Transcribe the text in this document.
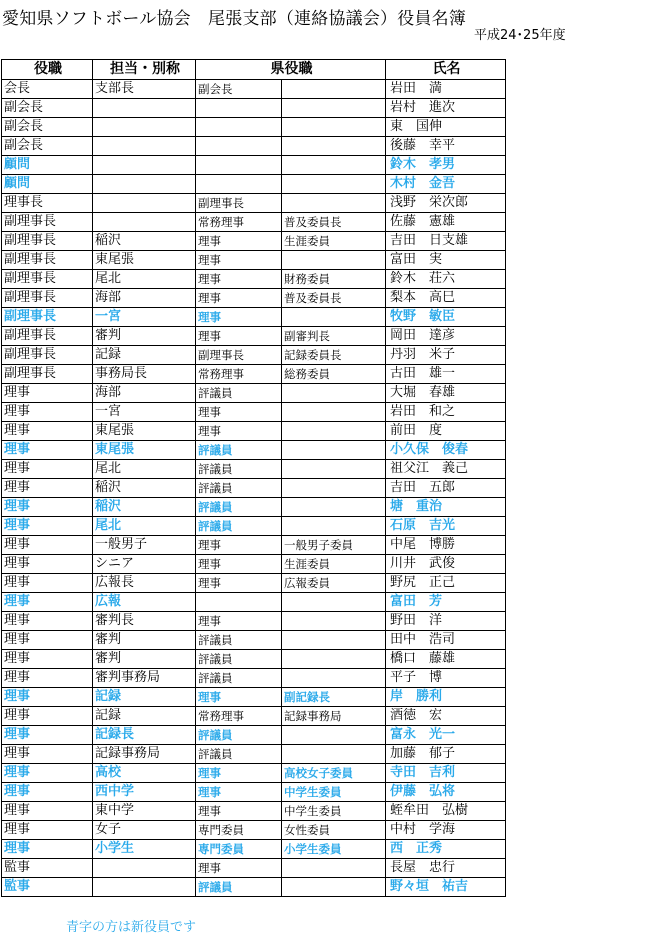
愛知県ソフトボール協会　尾張支部（連絡協議会）役員名簿
平成24･25年度
役職	担当・別称	県役職		氏名
会長	支部長	副会長		岩田　満
副会長				岩村　進次
副会長				東　国伸
副会長				後藤　幸平
顧問				鈴木　孝男
顧問				木村　金吾
理事長		副理事長		浅野　栄次郎
副理事長		常務理事	普及委員長	佐藤　憲雄
副理事長	稲沢	理事	生涯委員	吉田　日支雄
副理事長	東尾張	理事		富田　実
副理事長	尾北	理事	財務委員	鈴木　荘六
副理事長	海部	理事	普及委員長	梨本　高巳
副理事長	一宮	理事		牧野　敏臣
副理事長	審判	理事	副審判長	岡田　達彦
副理事長	記録	副理事長	記録委員長	丹羽　米子
副理事長	事務局長	常務理事	総務委員	古田　雄一
理事	海部	評議員		大堀　春雄
理事	一宮	理事		岩田　和之
理事	東尾張	理事		前田　度
理事	東尾張	評議員		小久保　俊春
理事	尾北	評議員		祖父江　義己
理事	稲沢	評議員		吉田　五郎
理事	稲沢	評議員		塘　重治
理事	尾北	評議員		石原　吉光
理事	一般男子	理事	一般男子委員	中尾　博勝
理事	シニア	理事	生涯委員	川井　武俊
理事	広報長	理事	広報委員	野尻　正己
理事	広報			富田　芳
理事	審判長	理事		野田　洋
理事	審判	評議員		田中　浩司
理事	審判	評議員		橋口　藤雄
理事	審判事務局	評議員		平子　博
理事	記録	理事	副記録長	岸　勝利
理事	記録	常務理事	記録事務局	酒徳　宏
理事	記録長	評議員		富永　光一
理事	記録事務局	評議員		加藤　郁子
理事	高校	理事	高校女子委員	寺田　吉利
理事	西中学	理事	中学生委員	伊藤　弘将
理事	東中学	理事	中学生委員	蛭牟田　弘樹
理事	女子	専門委員	女性委員	中村　学海
理事	小学生	専門委員	小学生委員	西　正秀
監事		理事		長屋　忠行
監事		評議員		野々垣　祐吉
青字の方は新役員です
